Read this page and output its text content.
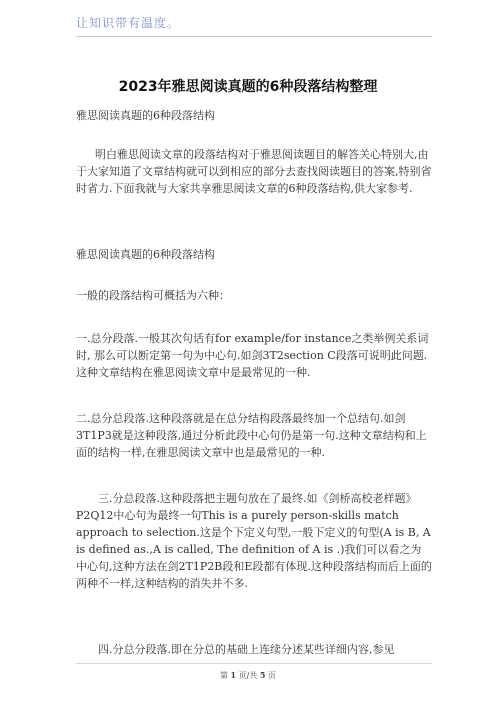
让知识带有温度。
2023年雅思阅读真题的6种段落结构整理

雅思阅读真题的6种段落结构

　明白雅思阅读文章的段落结构对于雅思阅读题目的解答关心特别大,由于大家知道了文章结构就可以到相应的部分去查找阅读题目的答案,特别省时省力.下面我就与大家共享雅思阅读文章的6种段落结构,供大家参考.

雅思阅读真题的6种段落结构

一般的段落结构可概括为六种：

一.总分段落.一般其次句话有for example/for instance之类举例关系词时, 那么可以断定第一句为中心句.如剑3T2section C段落可说明此问题.这种文章结构在雅思阅读文章中是最常见的一种.

二.总分总段落.这种段落就是在总分结构段落最终加一个总结句.如剑3T1P3就是这种段落,通过分析此段中心句仍是第一句.这种文章结构和上面的结构一样,在雅思阅读文章中也是最常见的一种.

三.分总段落.这种段落把主题句放在了最终.如《剑桥高校老样题》P2Q12中心句为最终一句This is a purely person-skills match approach to selection.这是个下定义句型,一般下定义的句型(A is B, A is defined as.,A is called, The definition of A is .)我们可以看之为中心句,这种方法在剑2T1P2B段和E段都有体现.这种段落结构而后上面的两种不一样,这种结构的消失并不多.

四.分总分段落.即在分总的基础上连续分述某些详细内容,参见

第 1 页/共 5 页
